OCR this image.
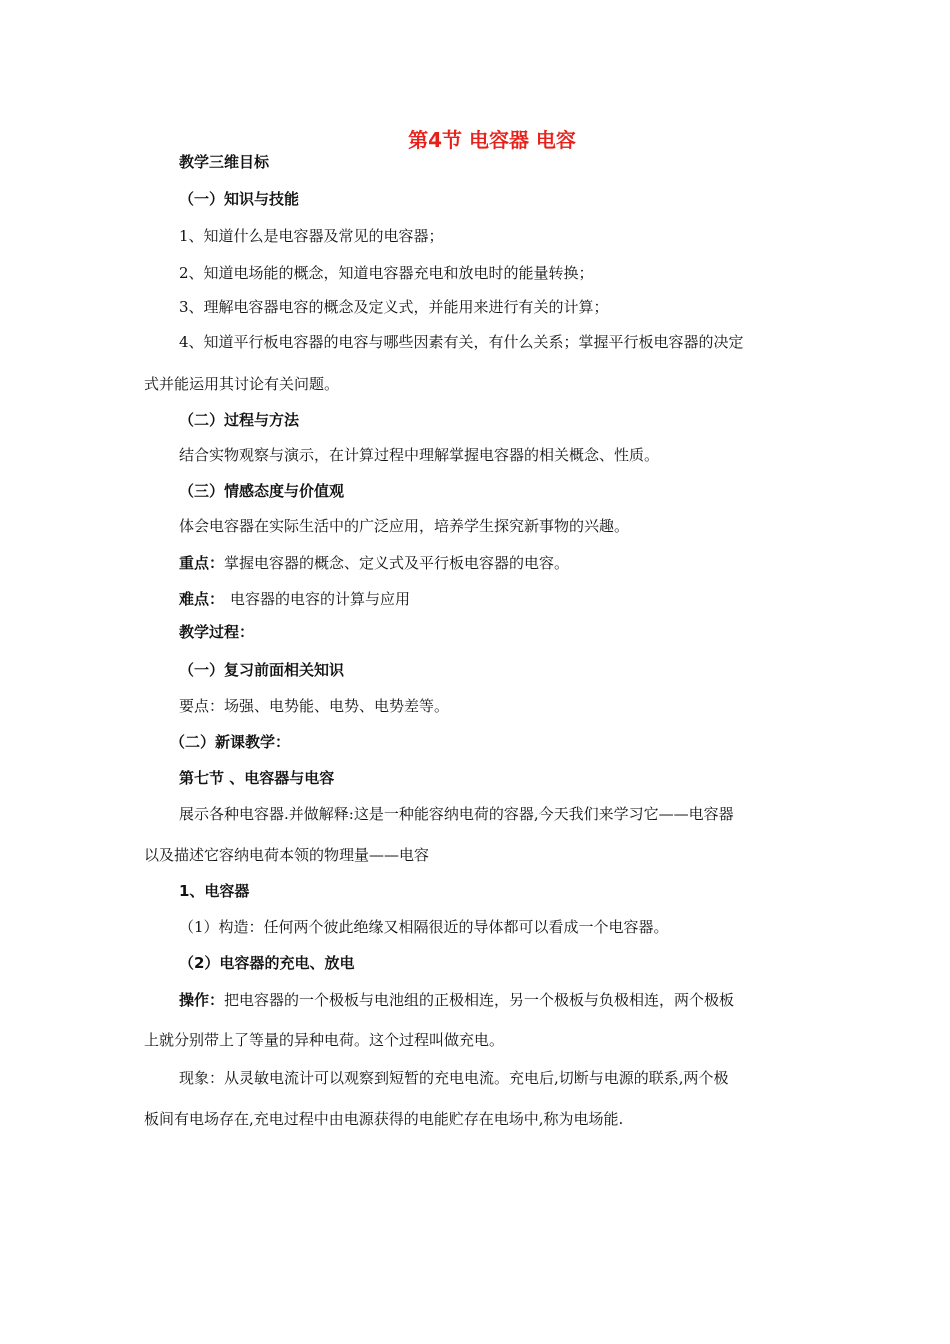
第4节 电容器 电容
教学三维目标
（一）知识与技能
1、知道什么是电容器及常见的电容器；
2、知道电场能的概念，知道电容器充电和放电时的能量转换；
3、理解电容器电容的概念及定义式，并能用来进行有关的计算；
4、知道平行板电容器的电容与哪些因素有关，有什么关系；掌握平行板电容器的决定
式并能运用其讨论有关问题。
（二）过程与方法
结合实物观察与演示，在计算过程中理解掌握电容器的相关概念、性质。
（三）情感态度与价值观
体会电容器在实际生活中的广泛应用，培养学生探究新事物的兴趣。
重点：掌握电容器的概念、定义式及平行板电容器的电容。
难点： 电容器的电容的计算与应用
教学过程：
（一）复习前面相关知识
要点：场强、电势能、电势、电势差等。
（二）新课教学：
第七节 、电容器与电容
展示各种电容器.并做解释:这是一种能容纳电荷的容器,今天我们来学习它——电容器
以及描述它容纳电荷本领的物理量——电容
1、电容器
（1）构造：任何两个彼此绝缘又相隔很近的导体都可以看成一个电容器。
（2）电容器的充电、放电
操作：把电容器的一个极板与电池组的正极相连，另一个极板与负极相连，两个极板
上就分别带上了等量的异种电荷。这个过程叫做充电。
现象：从灵敏电流计可以观察到短暂的充电电流。充电后,切断与电源的联系,两个极
板间有电场存在,充电过程中由电源获得的电能贮存在电场中,称为电场能.
